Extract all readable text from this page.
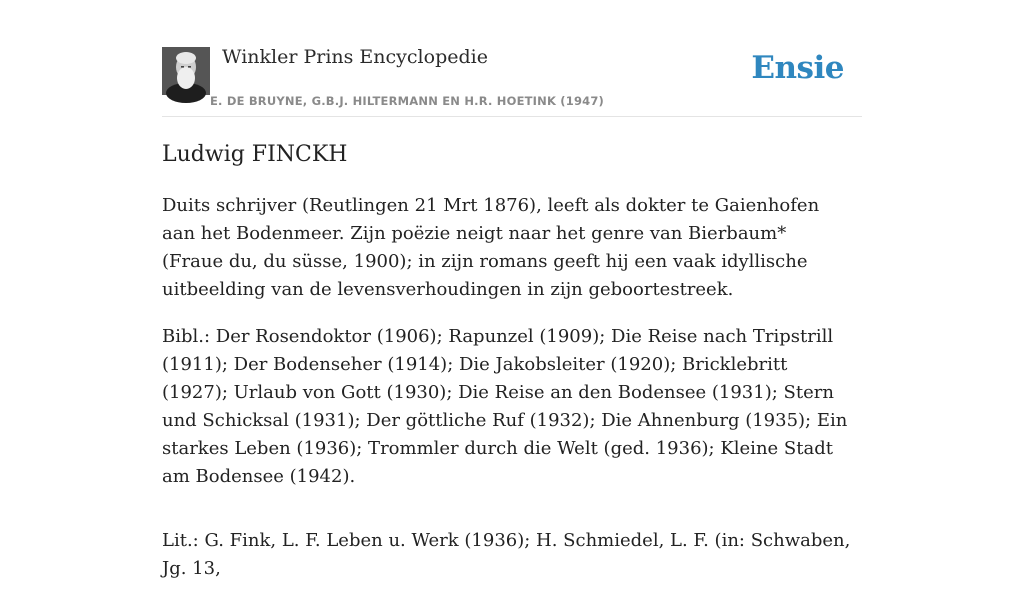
Winkler Prins Encyclopedie
E. DE BRUYNE, G.B.J. HILTERMANN EN H.R. HOETINK (1947)
Ensie
Ludwig FINCKH

Duits schrijver (Reutlingen 21 Mrt 1876), leeft als dokter te Gaienhofen aan het Bodenmeer. Zijn poëzie neigt naar het genre van Bierbaum* (Fraue du, du süsse, 1900); in zijn romans geeft hij een vaak idyllische uitbeelding van de levensverhoudingen in zijn geboortestreek.

Bibl.: Der Rosendoktor (1906); Rapunzel (1909); Die Reise nach Tripstrill (1911); Der Bodenseher (1914); Die Jakobsleiter (1920); Bricklebritt (1927); Urlaub von Gott (1930); Die Reise an den Bodensee (1931); Stern und Schicksal (1931); Der göttliche Ruf (1932); Die Ahnenburg (1935); Ein starkes Leben (1936); Trommler durch die Welt (ged. 1936); Kleine Stadt am Bodensee (1942).

Lit.: G. Fink, L. F. Leben u. Werk (1936); H. Schmiedel, L. F. (in: Schwaben, Jg. 13,
